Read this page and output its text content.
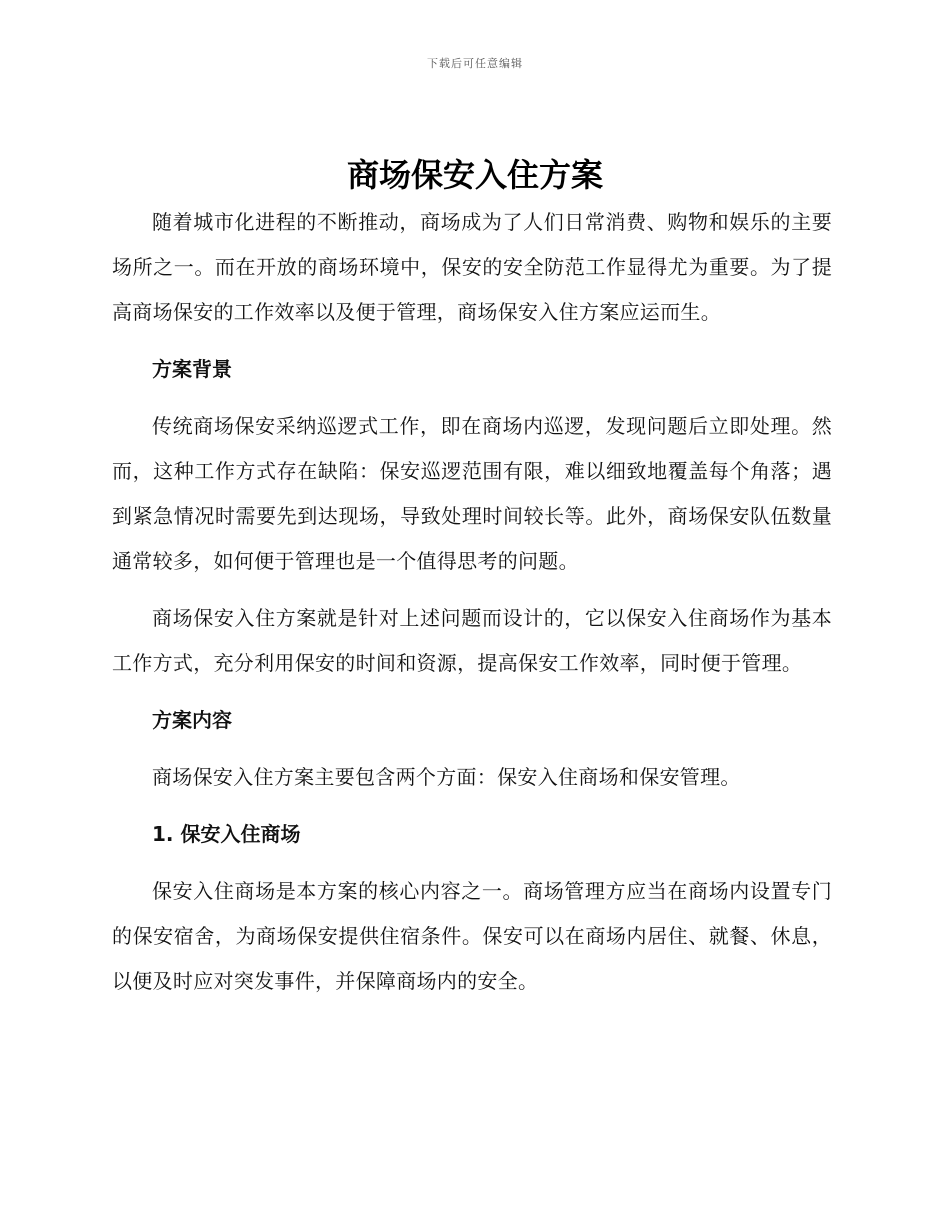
下载后可任意编辑
商场保安入住方案

随着城市化进程的不断推动，商场成为了人们日常消费、购物和娱乐的主要场所之一。而在开放的商场环境中，保安的安全防范工作显得尤为重要。为了提高商场保安的工作效率以及便于管理，商场保安入住方案应运而生。

方案背景

传统商场保安采纳巡逻式工作，即在商场内巡逻，发现问题后立即处理。然而，这种工作方式存在缺陷：保安巡逻范围有限，难以细致地覆盖每个角落；遇到紧急情况时需要先到达现场，导致处理时间较长等。此外，商场保安队伍数量通常较多，如何便于管理也是一个值得思考的问题。

商场保安入住方案就是针对上述问题而设计的，它以保安入住商场作为基本工作方式，充分利用保安的时间和资源，提高保安工作效率，同时便于管理。

方案内容

商场保安入住方案主要包含两个方面：保安入住商场和保安管理。

1. 保安入住商场

保安入住商场是本方案的核心内容之一。商场管理方应当在商场内设置专门的保安宿舍，为商场保安提供住宿条件。保安可以在商场内居住、就餐、休息，以便及时应对突发事件，并保障商场内的安全。
